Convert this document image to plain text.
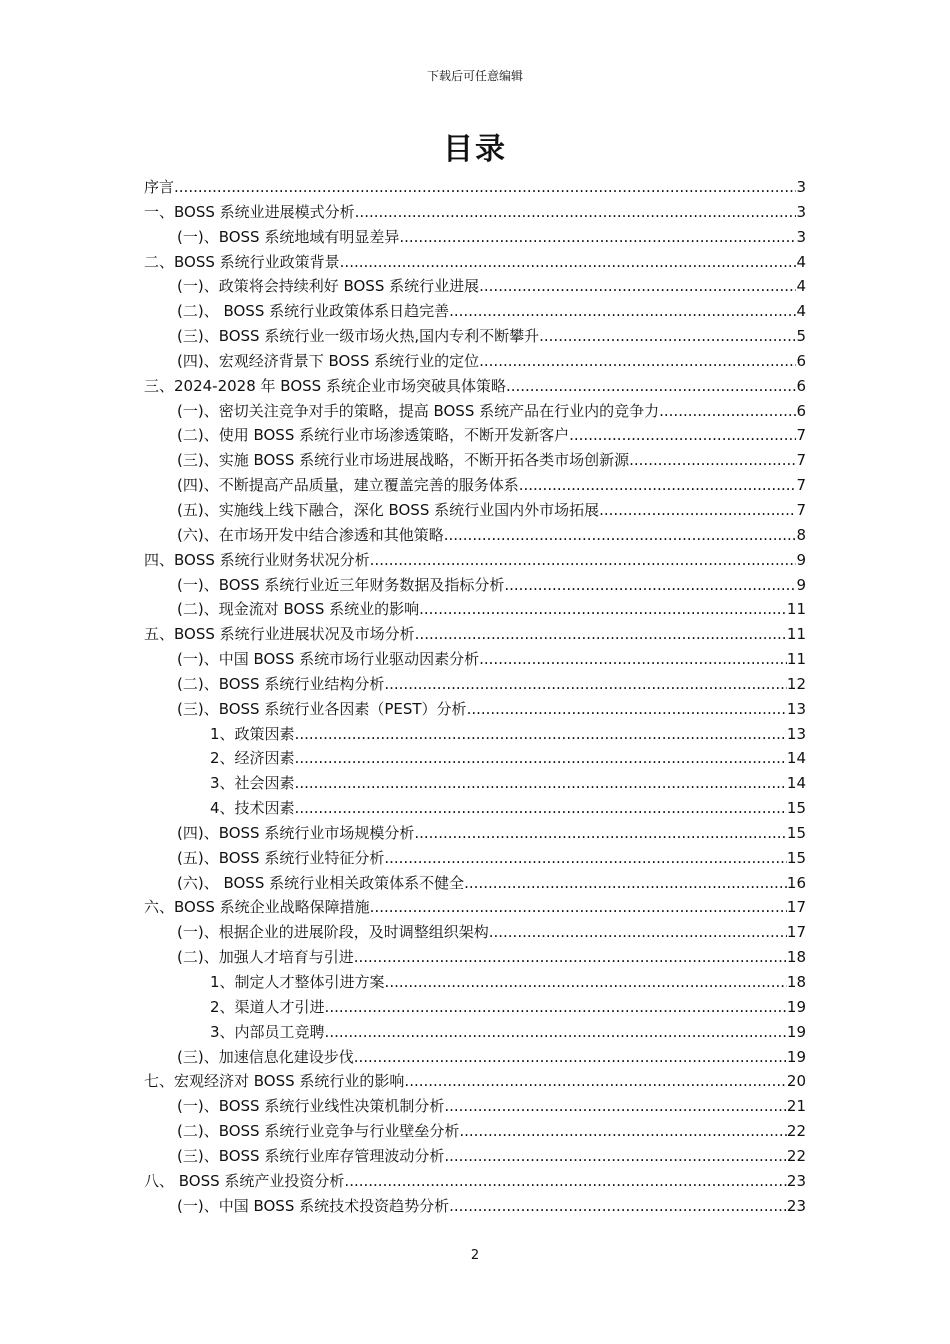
下载后可任意编辑
目录
序言 .....	3
一、BOSS 系统业进展模式分析 .....	3
(一)、BOSS 系统地域有明显差异 .....	3
二、BOSS 系统行业政策背景 .....	4
(一)、政策将会持续利好 BOSS 系统行业进展 .....	4
(二)、 BOSS 系统行业政策体系日趋完善 .....	4
(三)、BOSS 系统行业一级市场火热,国内专利不断攀升 .....	5
(四)、宏观经济背景下 BOSS 系统行业的定位 .....	6
三、2024-2028 年 BOSS 系统企业市场突破具体策略 .....	6
(一)、密切关注竞争对手的策略，提高 BOSS 系统产品在行业内的竞争力 .....	6
(二)、使用 BOSS 系统行业市场渗透策略，不断开发新客户 .....	7
(三)、实施 BOSS 系统行业市场进展战略，不断开拓各类市场创新源 .....	7
(四)、不断提高产品质量，建立覆盖完善的服务体系 .....	7
(五)、实施线上线下融合，深化 BOSS 系统行业国内外市场拓展 .....	7
(六)、在市场开发中结合渗透和其他策略 .....	8
四、BOSS 系统行业财务状况分析 .....	9
(一)、BOSS 系统行业近三年财务数据及指标分析 .....	9
(二)、现金流对 BOSS 系统业的影响 .....	11
五、BOSS 系统行业进展状况及市场分析 .....	11
(一)、中国 BOSS 系统市场行业驱动因素分析 .....	11
(二)、BOSS 系统行业结构分析 .....	12
(三)、BOSS 系统行业各因素（PEST）分析 .....	13
1、政策因素 .....	13
2、经济因素 .....	14
3、社会因素 .....	14
4、技术因素 .....	15
(四)、BOSS 系统行业市场规模分析 .....	15
(五)、BOSS 系统行业特征分析 .....	15
(六)、 BOSS 系统行业相关政策体系不健全 .....	16
六、BOSS 系统企业战略保障措施 .....	17
(一)、根据企业的进展阶段，及时调整组织架构 .....	17
(二)、加强人才培育与引进 .....	18
1、制定人才整体引进方案 .....	18
2、渠道人才引进 .....	19
3、内部员工竞聘 .....	19
(三)、加速信息化建设步伐 .....	19
七、宏观经济对 BOSS 系统行业的影响 .....	20
(一)、BOSS 系统行业线性决策机制分析 .....	21
(二)、BOSS 系统行业竞争与行业壁垒分析 .....	22
(三)、BOSS 系统行业库存管理波动分析 .....	22
八、 BOSS 系统产业投资分析 .....	23
(一)、中国 BOSS 系统技术投资趋势分析 .....	23
2
